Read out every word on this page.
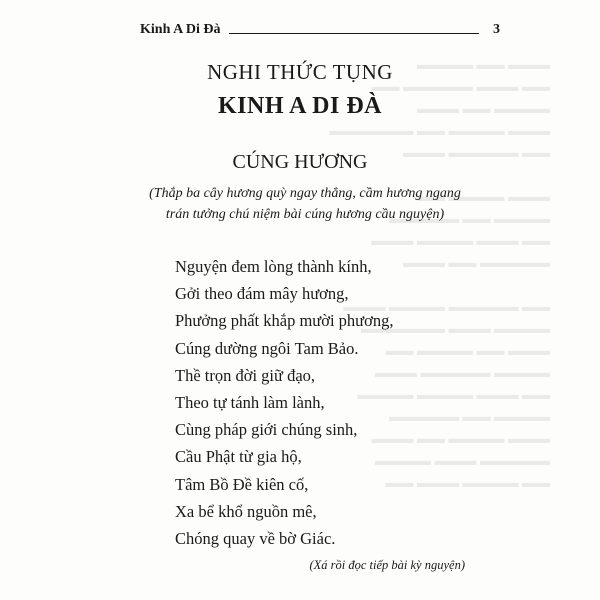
▬▬▬ ▬▬ ▬▬▬▬
▬▬ ▬▬▬ ▬▬▬▬▬ ▬▬
▬▬▬▬ ▬▬ ▬▬▬
▬▬▬ ▬▬▬▬ ▬▬ ▬▬▬▬▬▬
▬▬ ▬▬▬▬▬ ▬▬▬

▬▬▬ ▬▬▬▬ ▬▬
▬▬▬▬ ▬▬ ▬▬▬▬▬
▬▬ ▬▬▬ ▬▬▬▬ ▬▬▬
▬▬▬▬▬ ▬▬ ▬▬▬

▬▬ ▬▬▬▬▬ ▬▬▬▬ ▬▬▬
▬▬▬▬ ▬▬▬ ▬▬▬▬▬▬
▬▬▬ ▬▬ ▬▬▬▬ ▬▬
▬▬▬▬ ▬▬▬▬▬ ▬▬▬
▬▬ ▬▬▬ ▬▬▬▬ ▬▬▬▬
▬▬▬▬ ▬▬ ▬▬▬▬▬
▬▬▬ ▬▬▬▬ ▬▬ ▬▬▬
▬▬▬▬▬ ▬▬▬ ▬▬▬▬
▬▬ ▬▬▬▬ ▬▬▬ ▬▬
Kinh A Di Đà	3
NGHI THỨC TỤNG
KINH A DI ĐÀ
CÚNG HƯƠNG
(Thắp ba cây hương quỳ ngay thẳng, cầm hương ngang
trán tưởng chú niệm bài cúng hương cầu nguyện)
Nguyện đem lòng thành kính,
Gởi theo đám mây hương,
Phưởng phất khắp mười phương,
Cúng dường ngôi Tam Bảo.
Thề trọn đời giữ đạo,
Theo tự tánh làm lành,
Cùng pháp giới chúng sinh,
Cầu Phật từ gia hộ,
Tâm Bồ Đề kiên cố,
Xa bể khổ nguồn mê,
Chóng quay về bờ Giác.
(Xá rồi đọc tiếp bài kỳ nguyện)
